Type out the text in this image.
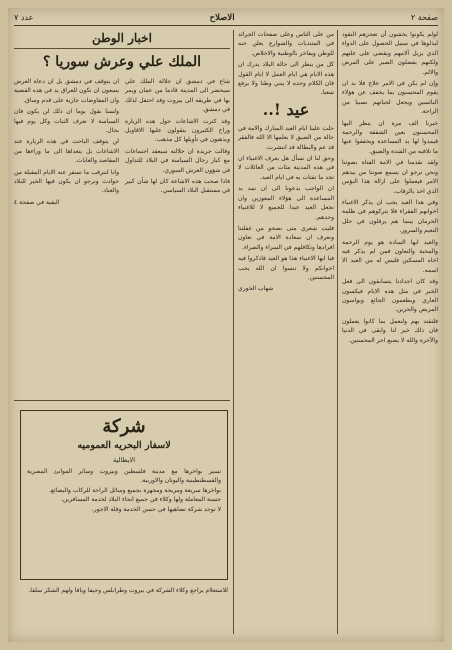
صفحة ٢
الاصلاح
عدد ٧

لولم يكونوا يخشون أن تعجزهم النقود لبذلوها في سبيل الحصول على الدواء الذي يزيل آلامهم ويقضي على علتهم ولكنهم يفضلون الصبر على المرض والالم.

وإن لم يكن في الامر علاج فلا بد ان يقوم المحسنون بما يخفف عن هؤلاء البائسين ويجعل لحياتهم نصيبا من الراحة.

خيرنا الف مرة ان ينظر اليها المحسنون بعين الشفقة والرحمة فيمدوا لها يد المساعدة ويخففوا عنها ما تلاقيه من الشدة والضيق.

ولقد تقدمنا في الامة الفتاة بصوتنا ونحن نرجو ان يسمع صوتنا من بيدهم الامر فيعملوا على ازالة هذا البؤس الذي اخذ بالرقاب.

وفي هذا العيد يجب ان يذكر الاغنياء اخوانهم الفقراء فلا يتركوهم في ظلمة الحرمان بينما هم يرفلون في حلل النعيم والسرور.

والعيد ايها السادة هو يوم الرحمة والمحبة والتعاون فمن لم يذكر فيه اخاه المسكين فليس له من العيد الا اسمه.

وقد كان اجدادنا يتسابقون الى فعل الخير في مثل هذه الايام فيكسون العاري ويطعمون الجائع ويواسون المريض والحزين.

فلنقتد بهم ولنعمل بما كانوا يعملون فان ذلك خير لنا وابقى في الدنيا والآخرة والله لا يضيع اجر المحسنين.

من على الناس وعلى صفحات الجرائد في المتنديات والشوارع يعلن حبه للوطن ويفاخر بالوطنية والاخلاص.

كل من ينظر الى حالة البلاد يدرك ان هذه الايام هي ايام العمل لا ايام القول فان الكلام وحده لا يبني وطنا ولا يرفع شعبا.

عيد !..

حلت علينا ايام العيد المبارك والامة في حالة من الضيق لا يعلمها الا الله فالفقر قد عم والبطالة قد انتشرت.

وحق لنا ان نسأل هل يعرف الاغنياء ان في هذه المدينة مئات من العائلات لا تجد ما تقتات به في ايام العيد.

ان الواجب يدعونا الى ان نمد يد المساعدة الى هؤلاء المعوزين وان نجعل العيد عيدا للجميع لا للاغنياء وحدهم.

فليت شعري متى نصحو من غفلتنا ونعرف ان سعادة الامة في تعاون افرادها وتكافلهم في السراء والضراء.

فيا ايها الاغنياء هذا هو العيد فاذكروا فيه اخوانكم ولا تنسوا ان الله يحب المحسنين.

شهاب الخوري

اخبار الوطن
الملك علي وعرش سوريا ؟

شاع في دمشق ان جلالة الملك علي سيحضر الى المدينة قادما من عمان ويمر بها في طريقه الى بيروت وقد احتفل لذلك في دمشق.

وقد كثرت الاشاعات حول هذه الزيارة وراح الكثيرون يتقولون عليها الاقاويل ويذهبون في تأويلها كل مذهب.

وقالت جريدة ان جلالته سيعقد اجتماعات مع كبار رجال السياسة في البلاد للتداول في شؤون العرش السوري.

فاذا صحت هذه الاشاعة كان لها شأن كبير في مستقبل البلاد السياسي.

ان يتوقف في دمشق بل ان دعاة العرش يسعون ان تكون للعراق يد في هذه القضية وان المفاوضات جارية على قدم وساق.

ولسنا نقول يوما ان ذلك لن يكون فان السياسة لا تعرف الثبات وكل يوم فيها بحال.

لن يتوقف الباحث في هذه الزيارة عند الاشاعات بل يتعداها الى ما وراءها من المقاصد والغايات.

وانا لنترقب ما تسفر عنه الايام المقبلة من حوادث ونرجو ان يكون فيها الخير للبلاد والعباد.

البقية في صفحة ٤

شركة

لاسفار البحريه العموميه

الايطالية

تسير بواخرها مع مدينة فلسطين وبيروت وسائر الموانئ المصرية والقسطنطينية واليونان والاوربية.

بواخرها سريعة ومريحة ومجهزة بجميع وسائل الراحة للركاب والبضائع.

حسنة المعاملة ولها وكلاء في جميع انحاء البلاد لخدمة المسافرين.

لا توجد شركة تضاهيها في حسن الخدمة وقلة الاجور.

للاستعلام يراجع وكلاء الشركة في بيروت وطرابلس وحيفا ويافا ولهم الشكر سلفا.
